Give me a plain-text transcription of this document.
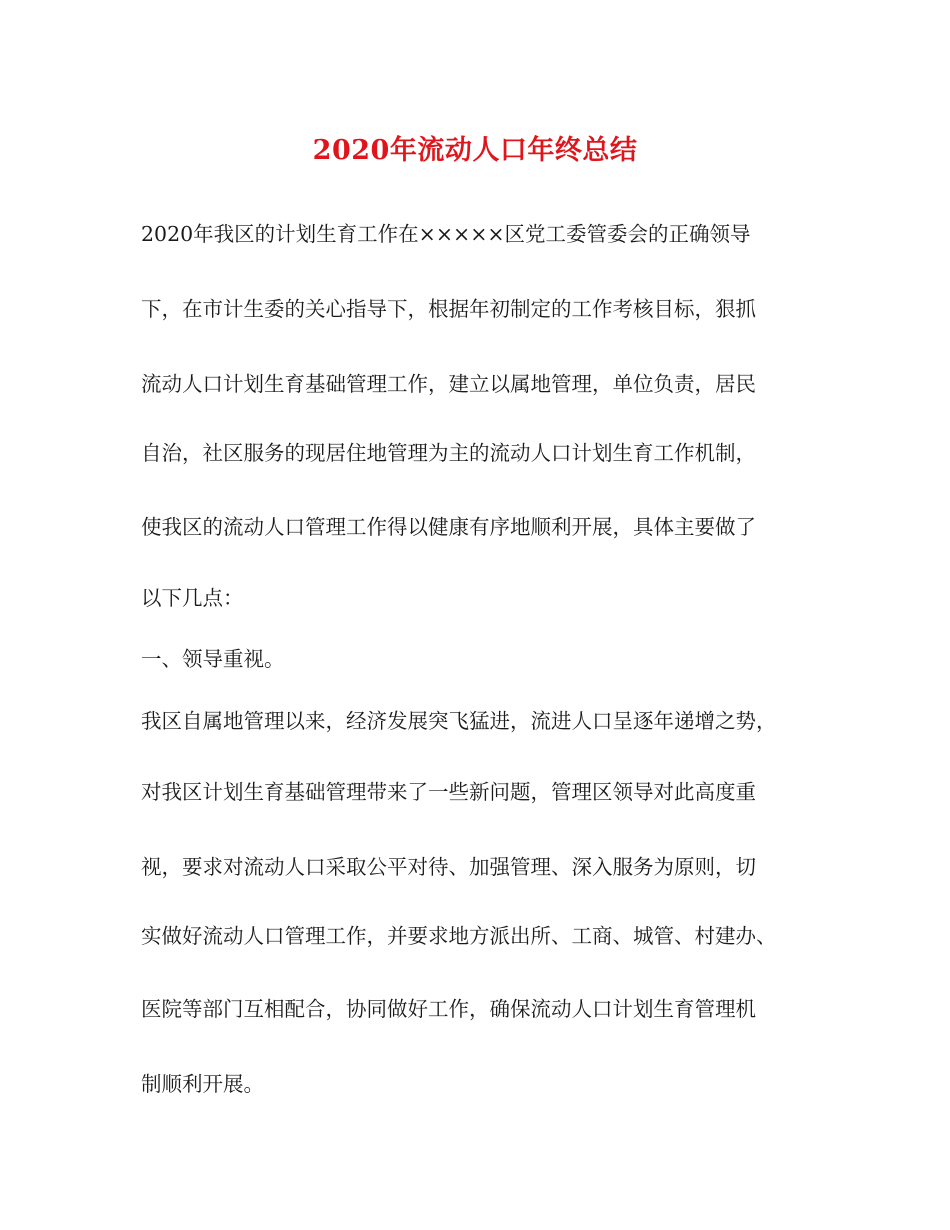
2020年流动人口年终总结
2020年我区的计划生育工作在×××××区党工委管委会的正确领导
下，在市计生委的关心指导下，根据年初制定的工作考核目标，狠抓
流动人口计划生育基础管理工作，建立以属地管理，单位负责，居民
自治，社区服务的现居住地管理为主的流动人口计划生育工作机制，
使我区的流动人口管理工作得以健康有序地顺利开展，具体主要做了
以下几点：
一、领导重视。
我区自属地管理以来，经济发展突飞猛进，流进人口呈逐年递增之势，
对我区计划生育基础管理带来了一些新问题，管理区领导对此高度重
视，要求对流动人口采取公平对待、加强管理、深入服务为原则，切
实做好流动人口管理工作，并要求地方派出所、工商、城管、村建办、
医院等部门互相配合，协同做好工作，确保流动人口计划生育管理机
制顺利开展。
